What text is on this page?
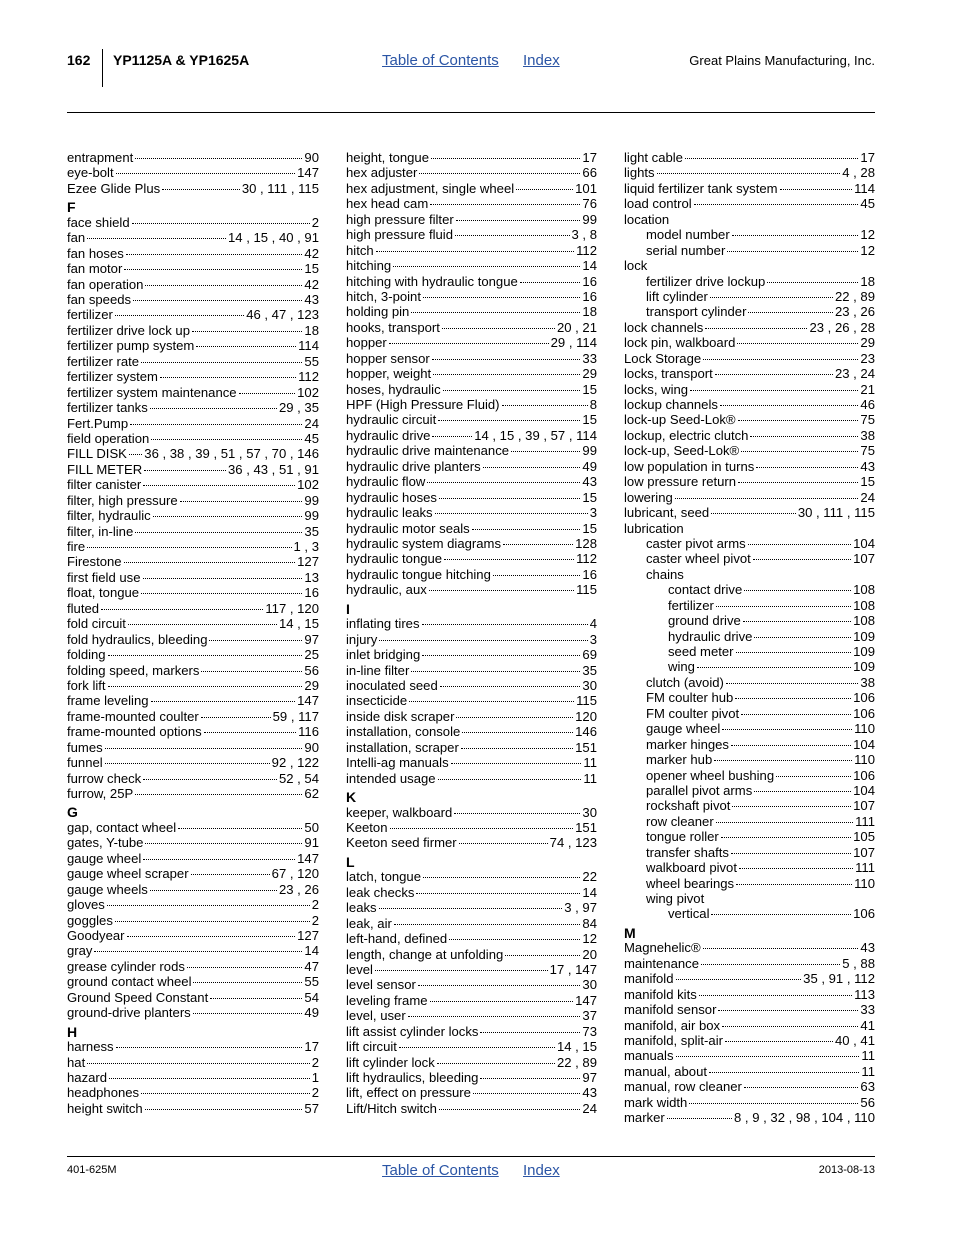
162 YP1125A & YP1625A	Table of Contents Index	Great Plains Manufacturing, Inc.
entrapment	90
eye-bolt	147
Ezee Glide Plus	30 , 111 , 115
F
face shield	2
fan	14 , 15 , 40 , 91
fan hoses	42
fan motor	15
fan operation	42
fan speeds	43
fertilizer	46 , 47 , 123
fertilizer drive lock up	18
fertilizer pump system	114
fertilizer rate	55
fertilizer system	112
fertilizer system maintenance	102
fertilizer tanks	29 , 35
Fert.Pump	24
field operation	45
FILL DISK 36 , 38 , 39 , 51 , 57 , 70 , 146
FILL METER	36 , 43 , 51 , 91
filter canister	102
filter, high pressure	99
filter, hydraulic	99
filter, in-line	35
fire	1 , 3
Firestone	127
first field use	13
float, tongue	16
fluted	117 , 120
fold circuit	14 , 15
fold hydraulics, bleeding	97
folding	25
folding speed, markers	56
fork lift	29
frame leveling	147
frame-mounted coulter	59 , 117
frame-mounted options	116
fumes	90
funnel	92 , 122
furrow check	52 , 54
furrow, 25P	62
G
gap, contact wheel	50
gates, Y-tube	91
gauge wheel	147
gauge wheel scraper	67 , 120
gauge wheels	23 , 26
gloves	2
goggles	2
Goodyear	127
gray	14
grease cylinder rods	47
ground contact wheel	55
Ground Speed Constant	54
ground-drive planters	49
H
harness	17
hat	2
hazard	1
headphones	2
height switch	57
height, tongue	17
hex adjuster	66
hex adjustment, single wheel	101
hex head cam	76
high pressure filter	99
high pressure fluid	3 , 8
hitch	112
hitching	14
hitching with hydraulic tongue	16
hitch, 3-point	16
holding pin	18
hooks, transport	20 , 21
hopper	29 , 114
hopper sensor	33
hopper, weight	29
hoses, hydraulic	15
HPF (High Pressure Fluid)	8
hydraulic circuit	15
hydraulic drive	14 , 15 , 39 , 57 , 114
hydraulic drive maintenance	99
hydraulic drive planters	49
hydraulic flow	43
hydraulic hoses	15
hydraulic leaks	3
hydraulic motor seals	15
hydraulic system diagrams	128
hydraulic tongue	112
hydraulic tongue hitching	16
hydraulic, aux	115
I
inflating tires	4
injury	3
inlet bridging	69
in-line filter	35
inoculated seed	30
insecticide	115
inside disk scraper	120
installation, console	146
installation, scraper	151
Intelli-ag manuals	11
intended usage	11
K
keeper, walkboard	30
Keeton	151
Keeton seed firmer	74 , 123
L
latch, tongue	22
leak checks	14
leaks	3 , 97
leak, air	84
left-hand, defined	12
length, change at unfolding	20
level	17 , 147
level sensor	30
leveling frame	147
level, user	37
lift assist cylinder locks	73
lift circuit	14 , 15
lift cylinder lock	22 , 89
lift hydraulics, bleeding	97
lift, effect on pressure	43
Lift/Hitch switch	24
light cable	17
lights	4 , 28
liquid fertilizer tank system	114
load control	45
location
model number	12
serial number	12
lock
fertilizer drive lockup	18
lift cylinder	22 , 89
transport cylinder	23 , 26
lock channels	23 , 26 , 28
lock pin, walkboard	29
Lock Storage	23
locks, transport	23 , 24
locks, wing	21
lockup channels	46
lock-up Seed-Lok®	75
lockup, electric clutch	38
lock-up, Seed-Lok®	75
low population in turns	43
low pressure return	15
lowering	24
lubricant, seed	30 , 111 , 115
lubrication
caster pivot arms	104
caster wheel pivot	107
chains
contact drive	108
fertilizer	108
ground drive	108
hydraulic drive	109
seed meter	109
wing	109
clutch (avoid)	38
FM coulter hub	106
FM coulter pivot	106
gauge wheel	110
marker hinges	104
marker hub	110
opener wheel bushing	106
parallel pivot arms	104
rockshaft pivot	107
row cleaner	111
tongue roller	105
transfer shafts	107
walkboard pivot	111
wheel bearings	110
wing pivot
vertical	106
M
Magnehelic®	43
maintenance	5 , 88
manifold	35 , 91 , 112
manifold kits	113
manifold sensor	33
manifold, air box	41
manifold, split-air	40 , 41
manuals	11
manual, about	11
manual, row cleaner	63
mark width	56
marker	8 , 9 , 32 , 98 , 104 , 110
401-625M	Table of Contents Index	2013-08-13
